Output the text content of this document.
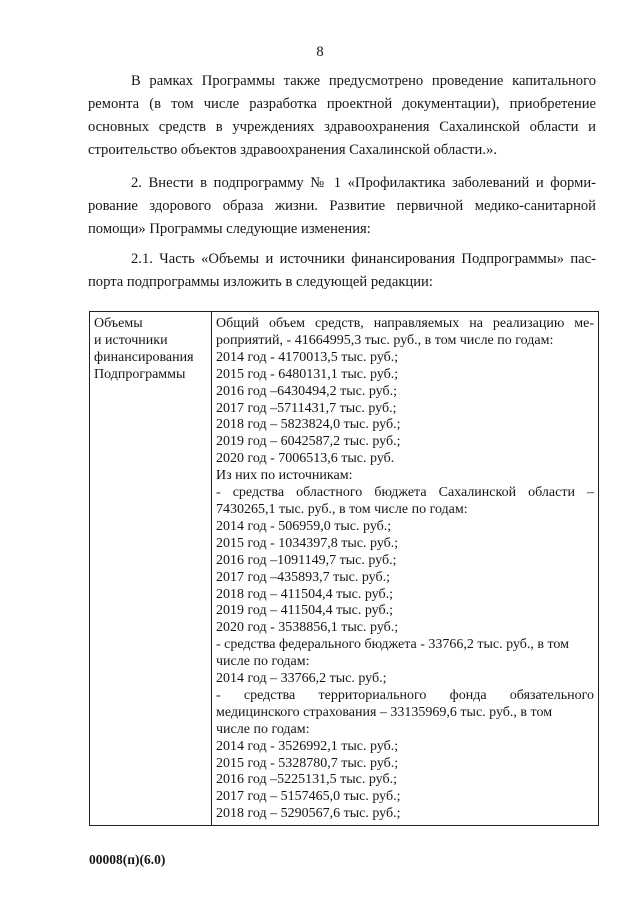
8
В рамках Программы также предусмотрено проведение капитального
ремонта (в том числе разработка проектной документации), приобретение
основных средств в учреждениях здравоохранения Сахалинской области и
строительство объектов здравоохранения Сахалинской области.».
2. Внести в подпрограмму № 1 «Профилактика заболеваний и форми-
рование здорового образа жизни. Развитие первичной медико-санитарной
помощи» Программы следующие изменения:
2.1. Часть «Объемы и источники финансирования Подпрограммы» пас-
порта подпрограммы изложить в следующей редакции:
Объемы
и источники
финансирования
Подпрограммы

Общий объем средств, направляемых на реализацию ме-
роприятий, - 41664995,3 тыс. руб., в том числе по годам:
2014 год - 4170013,5 тыс. руб.;
2015 год - 6480131,1 тыс. руб.;
2016 год –6430494,2 тыс. руб.;
2017 год –5711431,7 тыс. руб.;
2018 год – 5823824,0 тыс. руб.;
2019 год – 6042587,2 тыс. руб.;
2020 год - 7006513,6 тыс. руб.
Из них по источникам:
- средства областного бюджета Сахалинской области –
7430265,1 тыс. руб., в том числе по годам:
2014 год - 506959,0 тыс. руб.;
2015 год - 1034397,8 тыс. руб.;
2016 год –1091149,7 тыс. руб.;
2017 год –435893,7 тыс. руб.;
2018 год – 411504,4 тыс. руб.;
2019 год – 411504,4 тыс. руб.;
2020 год - 3538856,1 тыс. руб.;
- средства федерального бюджета - 33766,2 тыс. руб., в том
числе по годам:
2014 год – 33766,2 тыс. руб.;
- средства территориального фонда обязательного
медицинского страхования – 33135969,6 тыс. руб., в том
числе по годам:
2014 год - 3526992,1 тыс. руб.;
2015 год - 5328780,7 тыс. руб.;
2016 год –5225131,5 тыс. руб.;
2017 год – 5157465,0 тыс. руб.;
2018 год – 5290567,6 тыс. руб.;
00008(п)(6.0)
